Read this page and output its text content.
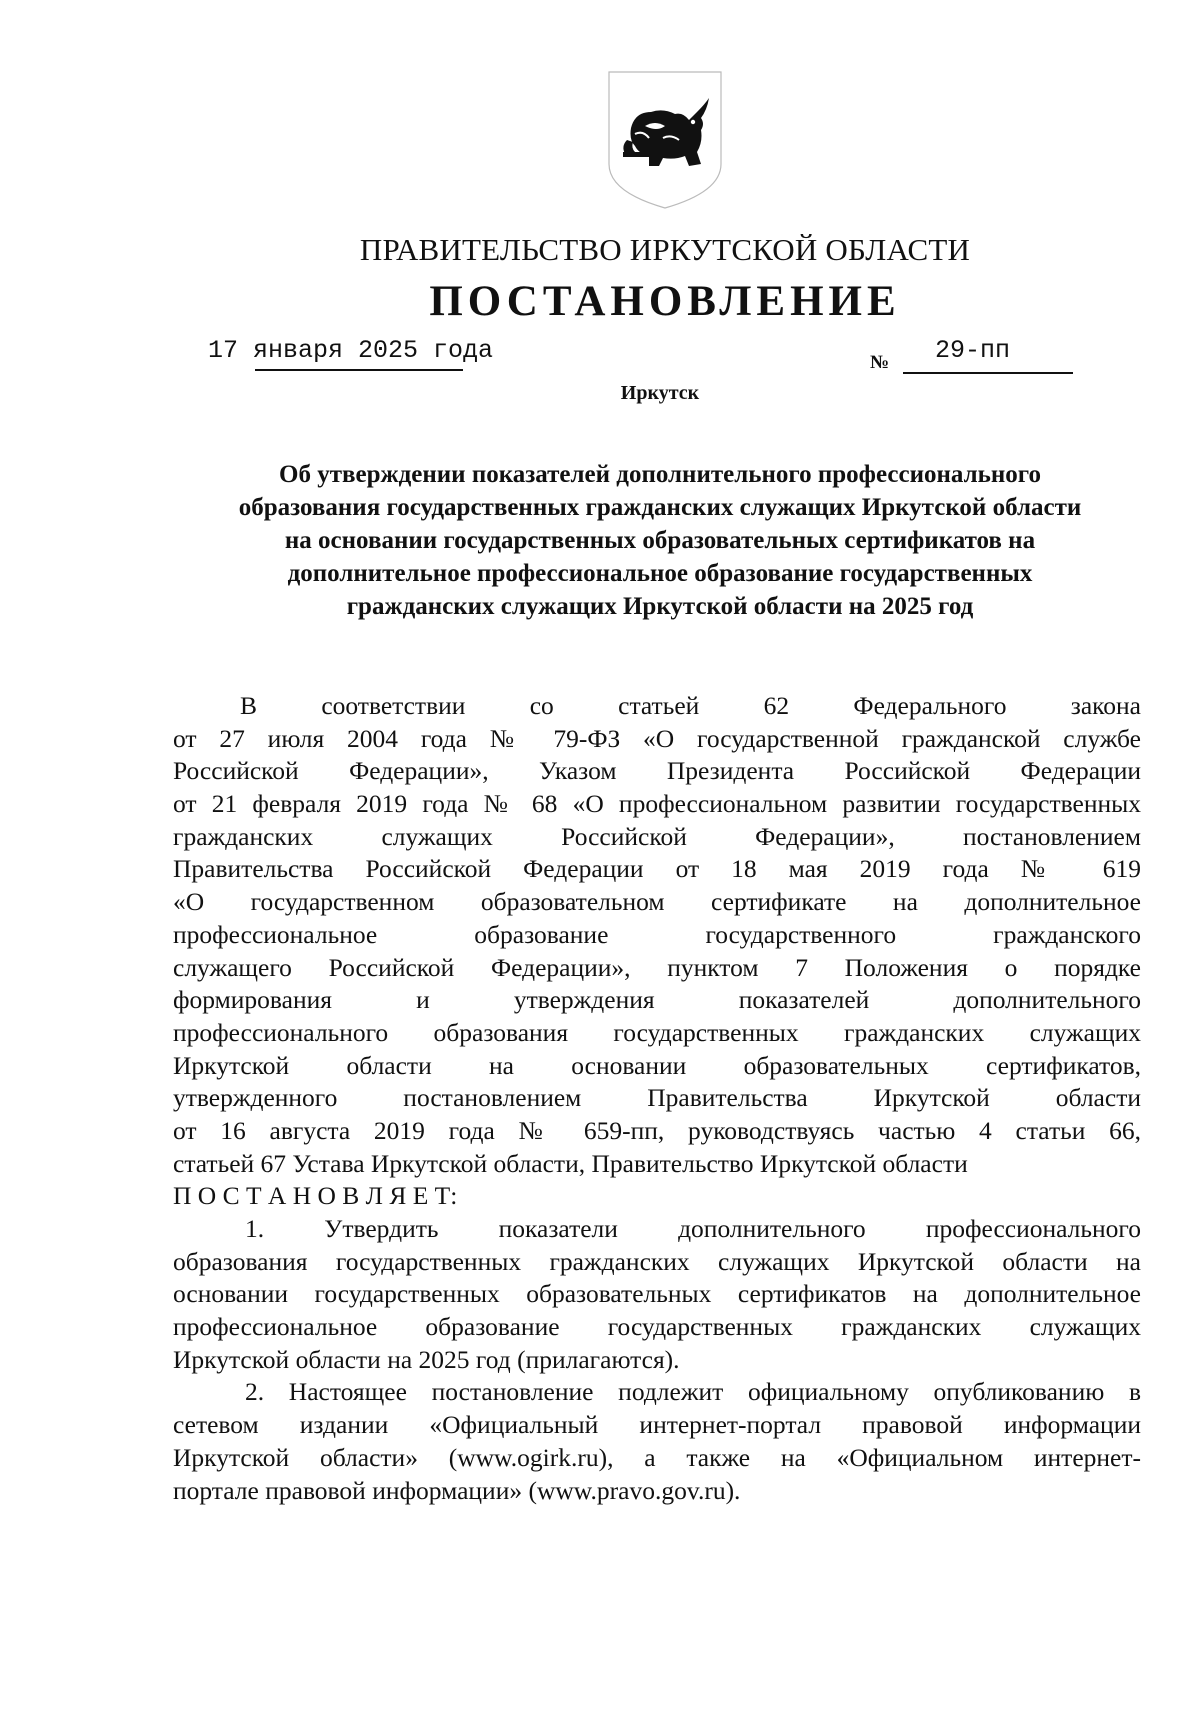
ПРАВИТЕЛЬСТВО ИРКУТСКОЙ ОБЛАСТИ
ПОСТАНОВЛЕНИЕ
17 января 2025 года	№ 29-пп
Иркутск
Об утверждении показателей дополнительного профессионального
образования государственных гражданских служащих Иркутской области
на основании государственных образовательных сертификатов на
дополнительное профессиональное образование государственных
гражданских служащих Иркутской области на 2025 год
В соответствии со статьей 62 Федерального закона
от 27 июля 2004 года № 79-ФЗ «О государственной гражданской службе
Российской Федерации», Указом Президента Российской Федерации
от 21 февраля 2019 года № 68 «О профессиональном развитии государственных
гражданских служащих Российской Федерации», постановлением
Правительства Российской Федерации от 18 мая 2019 года № 619
«О государственном образовательном сертификате на дополнительное
профессиональное образование государственного гражданского
служащего Российской Федерации», пунктом 7 Положения о порядке
формирования и утверждения показателей дополнительного
профессионального образования государственных гражданских служащих
Иркутской области на основании образовательных сертификатов,
утвержденного постановлением Правительства Иркутской области
от 16 августа 2019 года № 659-пп, руководствуясь частью 4 статьи 66,
статьей 67 Устава Иркутской области, Правительство Иркутской области
П О С Т А Н О В Л Я Е Т:
1. Утвердить показатели дополнительного профессионального
образования государственных гражданских служащих Иркутской области на
основании государственных образовательных сертификатов на дополнительное
профессиональное образование государственных гражданских служащих
Иркутской области на 2025 год (прилагаются).
2. Настоящее постановление подлежит официальному опубликованию в
сетевом издании «Официальный интернет-портал правовой информации
Иркутской области» (www.ogirk.ru), а также на «Официальном интернет-
портале правовой информации» (www.pravo.gov.ru).
